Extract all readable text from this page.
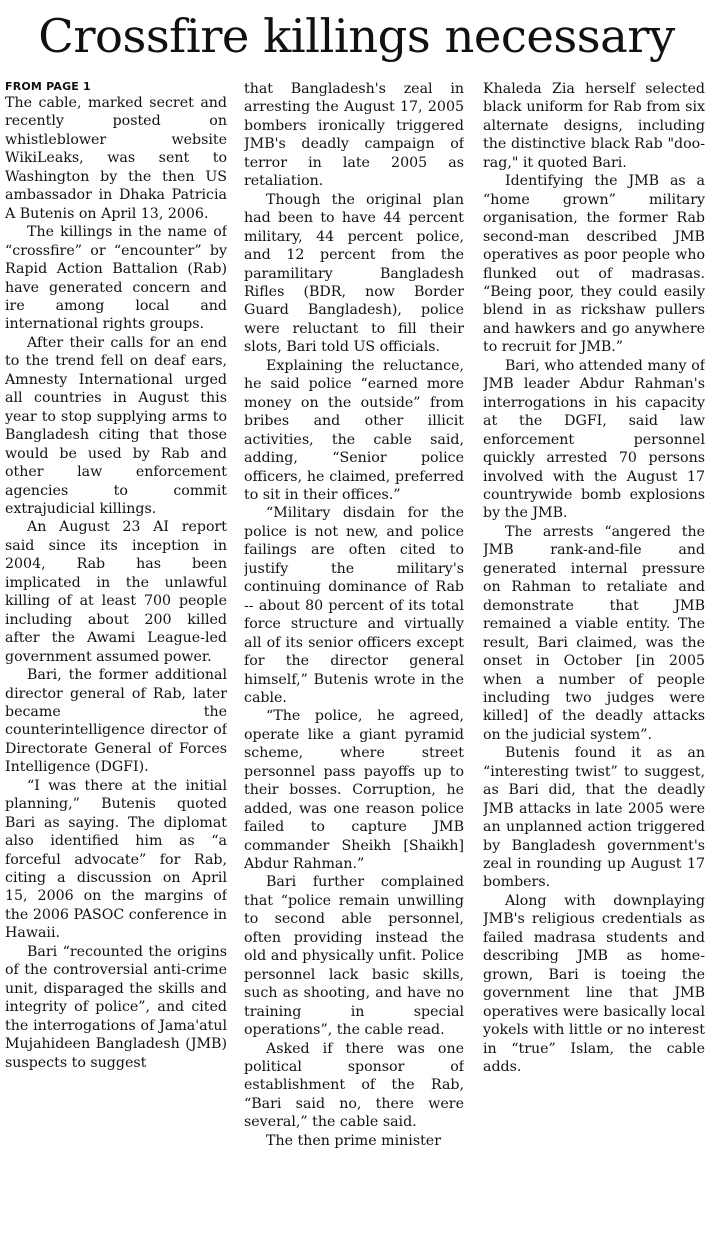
Crossfire killings necessary
FROM PAGE 1

The cable, marked secret and recently posted on whistleblower website WikiLeaks, was sent to Washington by the then US ambassador in Dhaka Patricia A Butenis on April 13, 2006.

The killings in the name of “crossfire” or “encounter” by Rapid Action Battalion (Rab) have generated concern and ire among local and international rights groups.

After their calls for an end to the trend fell on deaf ears, Amnesty International urged all countries in August this year to stop supplying arms to Bangladesh citing that those would be used by Rab and other law enforcement agencies to commit extrajudicial killings.

An August 23 AI report said since its inception in 2004, Rab has been implicated in the unlawful killing of at least 700 people including about 200 killed after the Awami League-led government assumed power.

Bari, the former additional director general of Rab, later became the counterintelligence director of Directorate General of Forces Intelligence (DGFI).

“I was there at the initial planning,” Butenis quoted Bari as saying. The diplomat also identified him as “a forceful advocate” for Rab, citing a discussion on April 15, 2006 on the margins of the 2006 PASOC conference in Hawaii.

Bari “recounted the origins of the controversial anti-crime unit, disparaged the skills and integrity of police”, and cited the interrogations of Jama'atul Mujahideen Bangladesh (JMB) suspects to suggest

that Bangladesh's zeal in arresting the August 17, 2005 bombers ironically triggered JMB's deadly campaign of terror in late 2005 as retaliation.

Though the original plan had been to have 44 percent military, 44 percent police, and 12 percent from the paramilitary Bangladesh Rifles (BDR, now Border Guard Bangladesh), police were reluctant to fill their slots, Bari told US officials.

Explaining the reluctance, he said police “earned more money on the outside” from bribes and other illicit activities, the cable said, adding, “Senior police officers, he claimed, preferred to sit in their offices.”

“Military disdain for the police is not new, and police failings are often cited to justify the military's continuing dominance of Rab -- about 80 percent of its total force structure and virtually all of its senior officers except for the director general himself,” Butenis wrote in the cable.

“The police, he agreed, operate like a giant pyramid scheme, where street personnel pass payoffs up to their bosses. Corruption, he added, was one reason police failed to capture JMB commander Sheikh [Shaikh] Abdur Rahman.”

Bari further complained that “police remain unwilling to second able personnel, often providing instead the old and physically unfit. Police personnel lack basic skills, such as shooting, and have no training in special operations”, the cable read.

Asked if there was one political sponsor of establishment of the Rab, “Bari said no, there were several,” the cable said.

The then prime minister

Khaleda Zia herself selected black uniform for Rab from six alternate designs, including the distinctive black Rab "doo-rag," it quoted Bari.

Identifying the JMB as a “home grown” military organisation, the former Rab second-man described JMB operatives as poor people who flunked out of madrasas. “Being poor, they could easily blend in as rickshaw pullers and hawkers and go anywhere to recruit for JMB.”

Bari, who attended many of JMB leader Abdur Rahman's interrogations in his capacity at the DGFI, said law enforcement personnel quickly arrested 70 persons involved with the August 17 countrywide bomb explosions by the JMB.

The arrests “angered the JMB rank-and-file and generated internal pressure on Rahman to retaliate and demonstrate that JMB remained a viable entity. The result, Bari claimed, was the onset in October [in 2005 when a number of people including two judges were killed] of the deadly attacks on the judicial system”.

Butenis found it as an “interesting twist” to suggest, as Bari did, that the deadly JMB attacks in late 2005 were an unplanned action triggered by Bangladesh government's zeal in rounding up August 17 bombers.

Along with downplaying JMB's religious credentials as failed madrasa students and describing JMB as home-grown, Bari is toeing the government line that JMB operatives were basically local yokels with little or no interest in “true” Islam, the cable adds.
